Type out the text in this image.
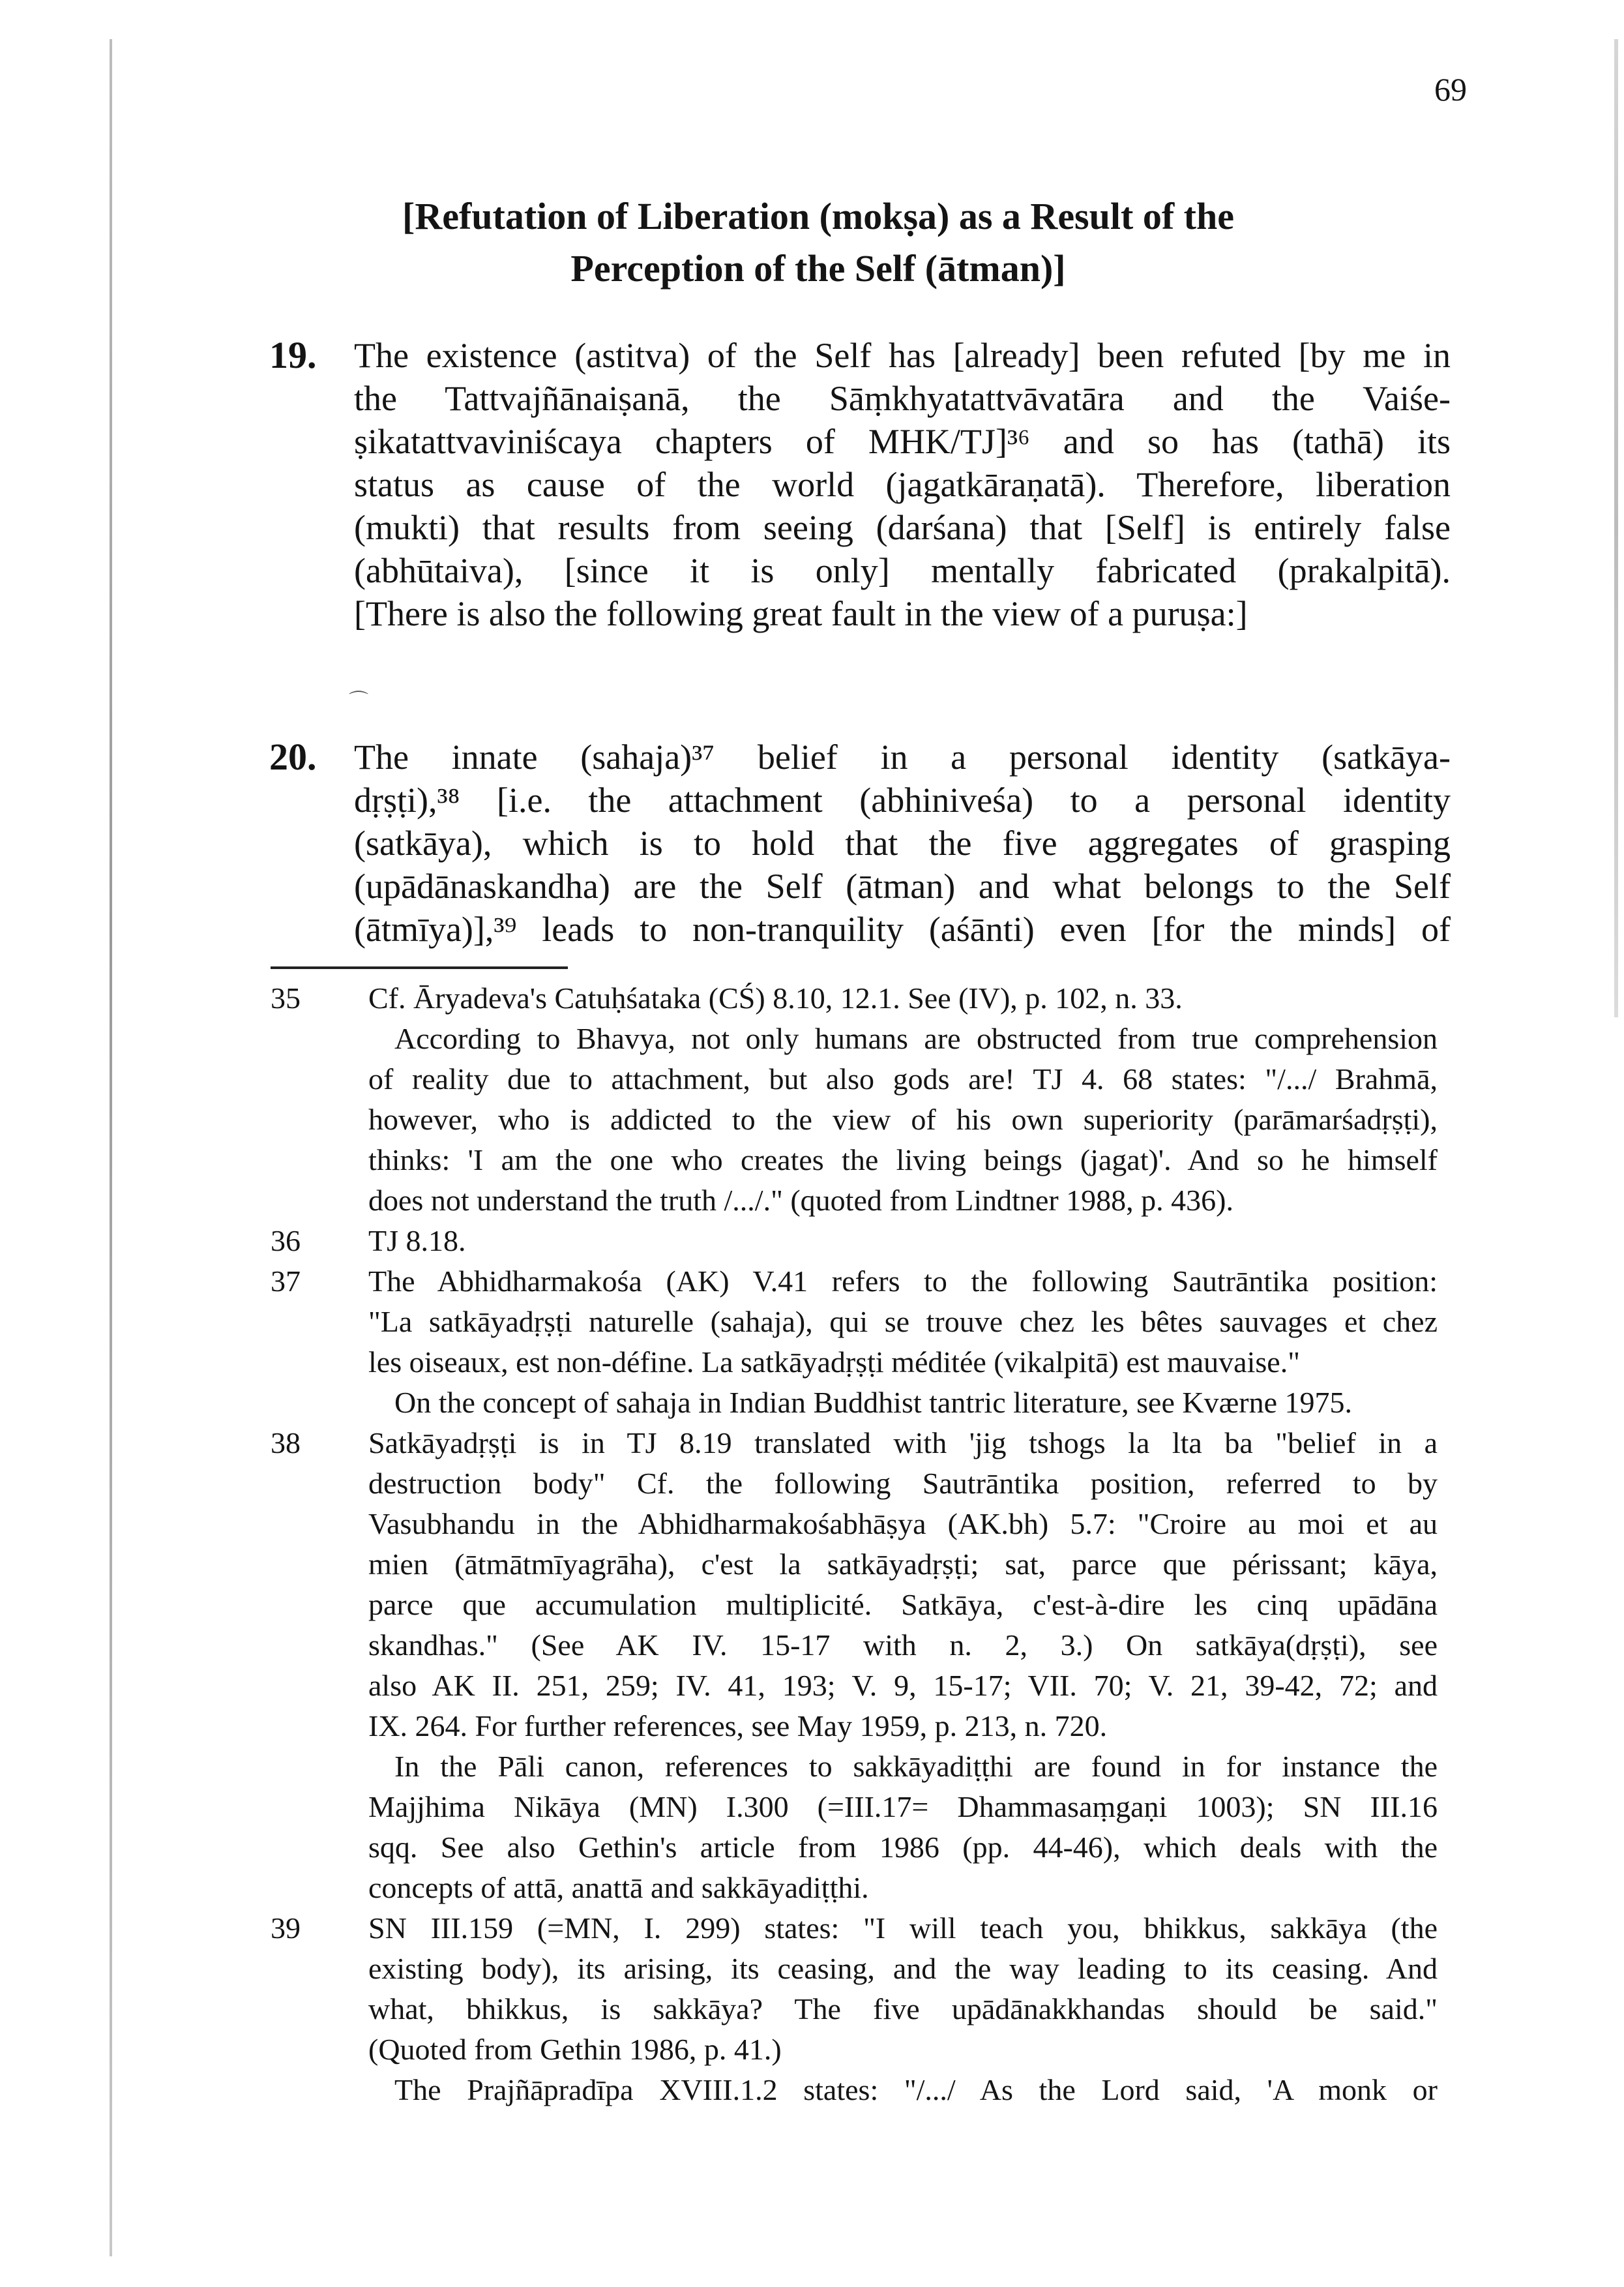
69
[Refutation of Liberation (mokṣa) as a Result of the
Perception of the Self (ātman)]
19. The existence (astitva) of the Self has [already] been refuted [by me in
the Tattvajñānaiṣanā, the Sāṃkhyatattvāvatāra and the Vaiśe-
ṣikatattvaviniścaya chapters of MHK/TJ]³⁶ and so has (tathā) its
status as cause of the world (jagatkāraṇatā). Therefore, liberation
(mukti) that results from seeing (darśana) that [Self] is entirely false
(abhūtaiva), [since it is only] mentally fabricated (prakalpitā).
[There is also the following great fault in the view of a puruṣa:]
⌒
20. The innate (sahaja)³⁷ belief in a personal identity (satkāya-
dṛṣṭi),³⁸ [i.e. the attachment (abhiniveśa) to a personal identity
(satkāya), which is to hold that the five aggregates of grasping
(upādānaskandha) are the Self (ātman) and what belongs to the Self
(ātmīya)],³⁹ leads to non-tranquility (aśānti) even [for the minds] of
35 Cf. Āryadeva's Catuḥśataka (CŚ) 8.10, 12.1. See (IV), p. 102, n. 33.
According to Bhavya, not only humans are obstructed from true comprehension
of reality due to attachment, but also gods are! TJ 4. 68 states: "/.../ Brahmā,
however, who is addicted to the view of his own superiority (parāmarśadṛṣṭi),
thinks: 'I am the one who creates the living beings (jagat)'. And so he himself
does not understand the truth /.../." (quoted from Lindtner 1988, p. 436).
36 TJ 8.18.
37 The Abhidharmakośa (AK) V.41 refers to the following Sautrāntika position:
"La satkāyadṛṣṭi naturelle (sahaja), qui se trouve chez les bêtes sauvages et chez
les oiseaux, est non-défine. La satkāyadṛṣṭi méditée (vikalpitā) est mauvaise."
On the concept of sahaja in Indian Buddhist tantric literature, see Kværne 1975.
38 Satkāyadṛṣṭi is in TJ 8.19 translated with 'jig tshogs la lta ba "belief in a
destruction body" Cf. the following Sautrāntika position, referred to by
Vasubhandu in the Abhidharmakośabhāṣya (AK.bh) 5.7: "Croire au moi et au
mien (ātmātmīyagrāha), c'est la satkāyadṛṣṭi; sat, parce que périssant; kāya,
parce que accumulation multiplicité. Satkāya, c'est-à-dire les cinq upādāna
skandhas." (See AK IV. 15-17 with n. 2, 3.) On satkāya(dṛṣṭi), see
also AK II. 251, 259; IV. 41, 193; V. 9, 15-17; VII. 70; V. 21, 39-42, 72; and
IX. 264. For further references, see May 1959, p. 213, n. 720.
In the Pāli canon, references to sakkāyadiṭṭhi are found in for instance the
Majjhima Nikāya (MN) I.300 (=III.17= Dhammasaṃgaṇi 1003); SN III.16
sqq. See also Gethin's article from 1986 (pp. 44-46), which deals with the
concepts of attā, anattā and sakkāyadiṭṭhi.
39 SN III.159 (=MN, I. 299) states: "I will teach you, bhikkus, sakkāya (the
existing body), its arising, its ceasing, and the way leading to its ceasing. And
what, bhikkus, is sakkāya? The five upādānakkhandas should be said."
(Quoted from Gethin 1986, p. 41.)
The Prajñāpradīpa XVIII.1.2 states: "/.../ As the Lord said, 'A monk or
